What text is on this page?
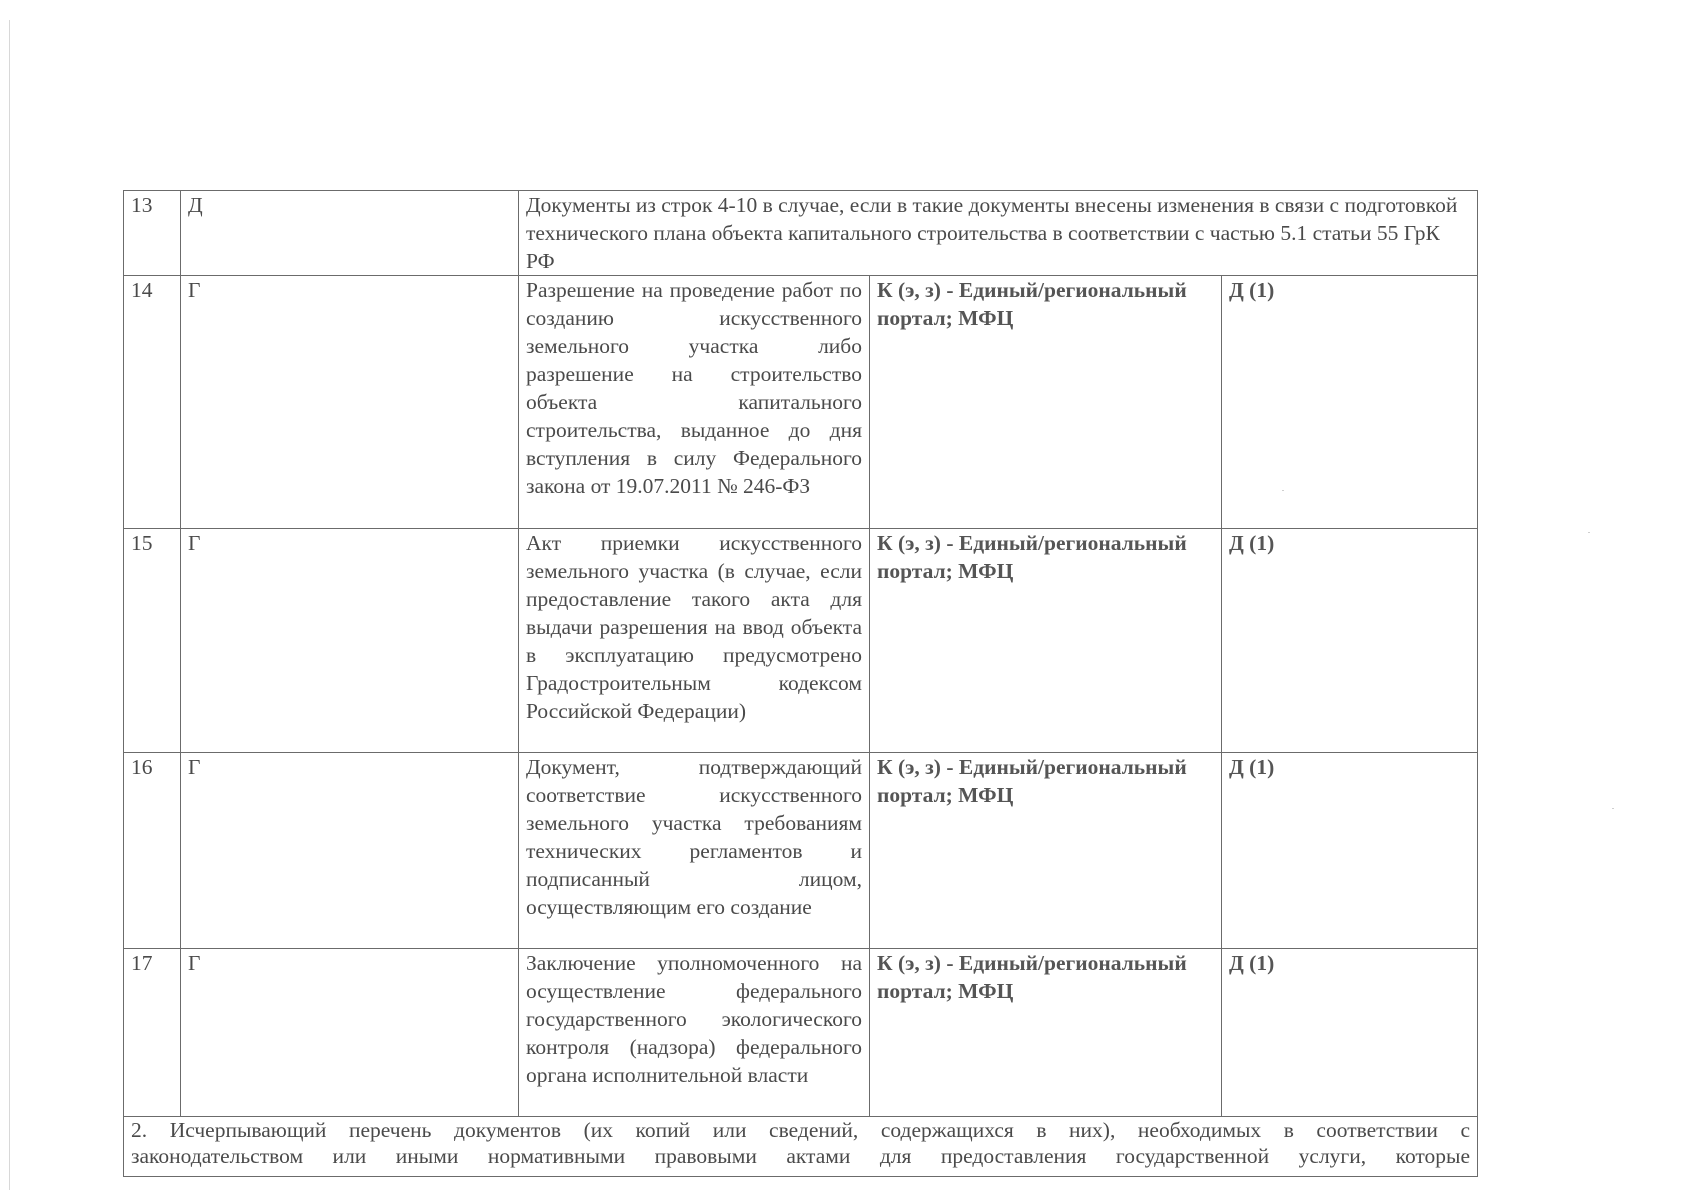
13	Д	Документы из строк 4-10 в случае, если в такие документы внесены изменения в связи с подготовкой технического плана объекта капитального строительства в соответствии с частью 5.1 статьи 55 ГрК РФ		
14	Г	Разрешение на проведение работ по созданию искусственного земельного участка либо разрешение на строительство объекта капитального строительства, выданное до дня вступления в силу Федерального закона от 19.07.2011 № 246-ФЗ	К (э, з) - Единый/региональный портал; МФЦ	Д (1)
15	Г	Акт приемки искусственного земельного участка (в случае, если предоставление такого акта для выдачи разрешения на ввод объекта в эксплуатацию предусмотрено Градостроительным кодексом Российской Федерации)	К (э, з) - Единый/региональный портал; МФЦ	Д (1)
16	Г	Документ, подтверждающий соответствие искусственного земельного участка требованиям технических регламентов и подписанный лицом, осуществляющим его создание	К (э, з) - Единый/региональный портал; МФЦ	Д (1)
17	Г	Заключение уполномоченного на осуществление федерального государственного экологического контроля (надзора) федерального органа исполнительной власти	К (э, з) - Единый/региональный портал; МФЦ	Д (1)

2. Исчерпывающий перечень документов (их копий или сведений, содержащихся в них), необходимых в соответствии с
законодательством или иными нормативными правовыми актами для предоставления государственной услуги, которые				
